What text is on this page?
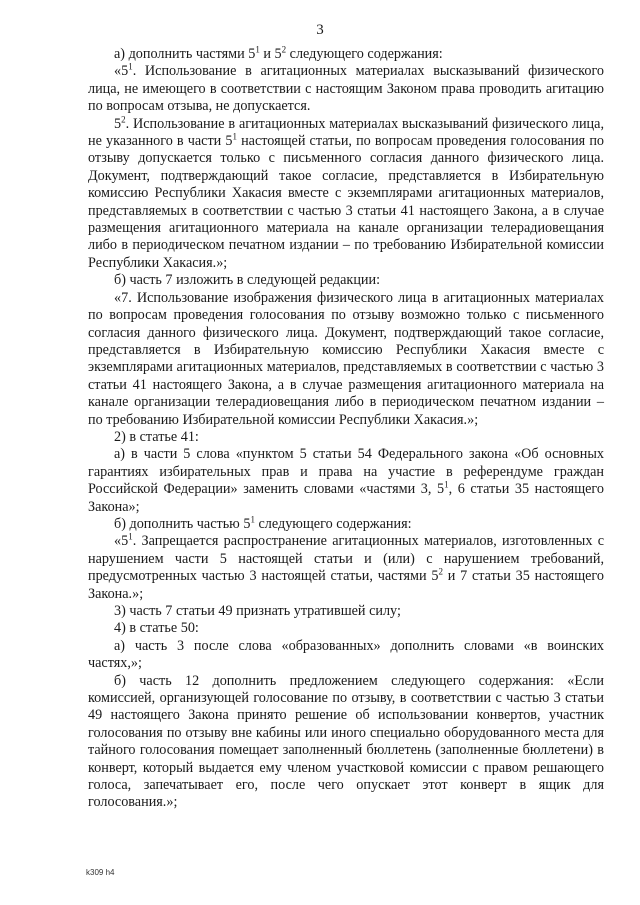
3

а) дополнить частями $5^1$ и $5^2$ следующего содержания:

«$5^1$. Использование в агитационных материалах высказываний физического лица, не имеющего в соответствии с настоящим Законом права проводить агитацию по вопросам отзыва, не допускается.

$5^2$. Использование в агитационных материалах высказываний физического лица, не указанного в части $5^1$ настоящей статьи, по вопросам проведения голосования по отзыву допускается только с письменного согласия данного физического лица. Документ, подтверждающий такое согласие, представляется в Избирательную комиссию Республики Хакасия вместе с экземплярами агитационных материалов, представляемых в соответствии с частью 3 статьи 41 настоящего Закона, а в случае размещения агитационного материала на канале организации телерадиовещания либо в периодическом печатном издании – по требованию Избирательной комиссии Республики Хакасия.»;

б) часть 7 изложить в следующей редакции:

«7. Использование изображения физического лица в агитационных материалах по вопросам проведения голосования по отзыву возможно только с письменного согласия данного физического лица. Документ, подтверждающий такое согласие, представляется в Избирательную комиссию Республики Хакасия вместе с экземплярами агитационных материалов, представляемых в соответствии с частью 3 статьи 41 настоящего Закона, а в случае размещения агитационного материала на канале организации телерадиовещания либо в периодическом печатном издании – по требованию Избирательной комиссии Республики Хакасия.»;

2) в статье 41:

а) в части 5 слова «пунктом 5 статьи 54 Федерального закона «Об основных гарантиях избирательных прав и права на участие в референдуме граждан Российской Федерации» заменить словами «частями 3, $5^1$, 6 статьи 35 настоящего Закона»;

б) дополнить частью $5^1$ следующего содержания:

«$5^1$. Запрещается распространение агитационных материалов, изготовленных с нарушением части 5 настоящей статьи и (или) с нарушением требований, предусмотренных частью 3 настоящей статьи, частями $5^2$ и 7 статьи 35 настоящего Закона.»;

3) часть 7 статьи 49 признать утратившей силу;

4) в статье 50:

а) часть 3 после слова «образованных» дополнить словами «в воинских частях,»;

б) часть 12 дополнить предложением следующего содержания: «Если комиссией, организующей голосование по отзыву, в соответствии с частью 3 статьи 49 настоящего Закона принято решение об использовании конвертов, участник голосования по отзыву вне кабины или иного специально оборудованного места для тайного голосования помещает заполненный бюллетень (заполненные бюллетени) в конверт, который выдается ему членом участковой комиссии с правом решающего голоса, запечатывает его, после чего опускает этот конверт в ящик для голосования.»;

k309 h4
